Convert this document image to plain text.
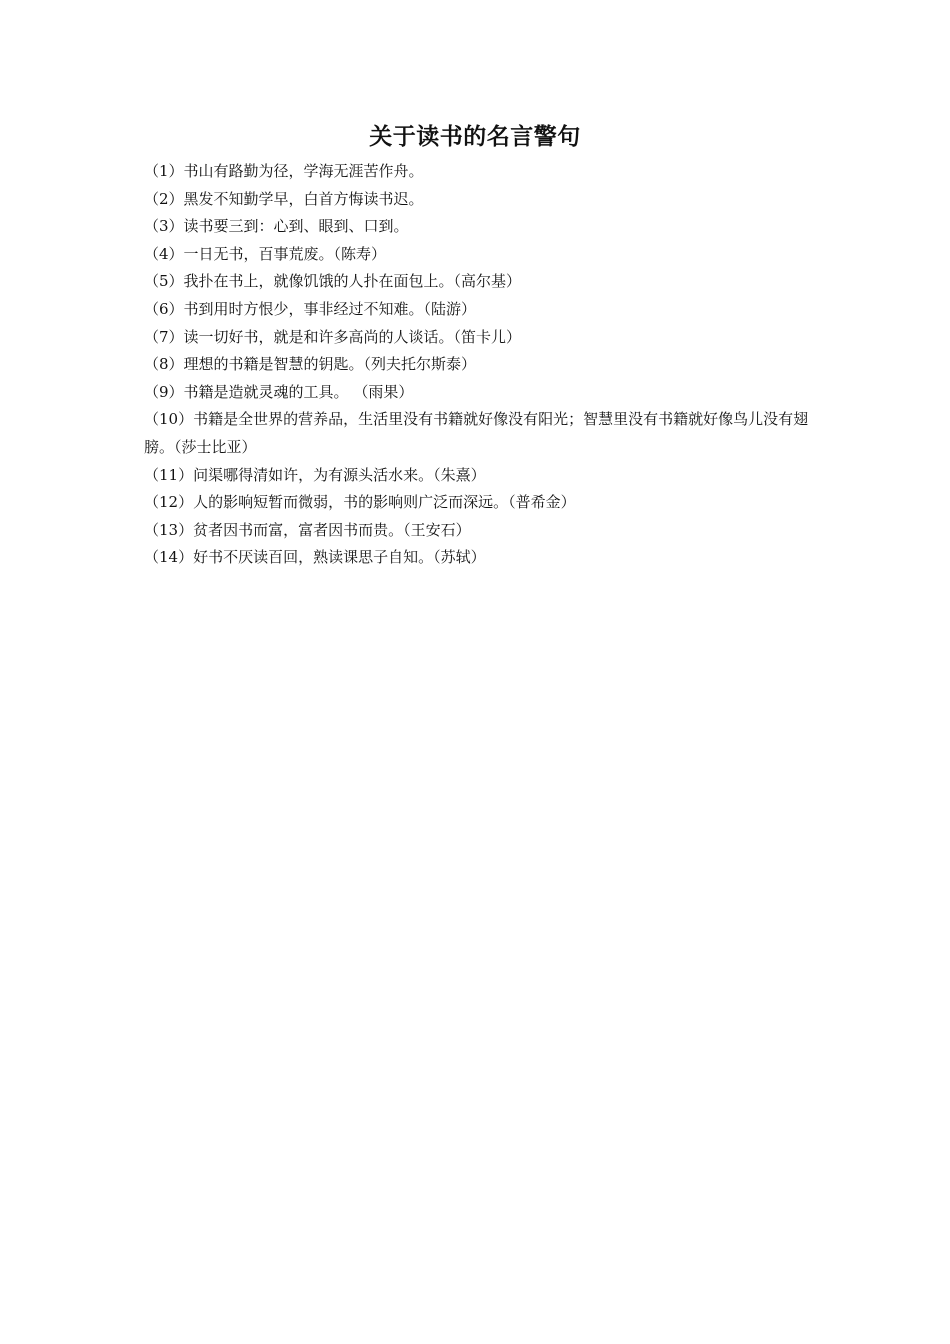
关于读书的名言警句
（1）书山有路勤为径，学海无涯苦作舟。
（2）黑发不知勤学早，白首方悔读书迟。
（3）读书要三到：心到、眼到、口到。
（4）一日无书，百事荒废。（陈寿）
（5）我扑在书上，就像饥饿的人扑在面包上。（高尔基）
（6）书到用时方恨少，事非经过不知难。（陆游）
（7）读一切好书，就是和许多高尚的人谈话。（笛卡儿）
（8）理想的书籍是智慧的钥匙。（列夫托尔斯泰）
（9）书籍是造就灵魂的工具。 （雨果）
（10）书籍是全世界的营养品，生活里没有书籍就好像没有阳光；智慧里没有书籍就好像鸟儿没有翅膀。（莎士比亚）
（11）问渠哪得清如许，为有源头活水来。（朱熹）
（12）人的影响短暂而微弱，书的影响则广泛而深远。（普希金）
（13）贫者因书而富，富者因书而贵。（王安石）
（14）好书不厌读百回，熟读课思子自知。（苏轼）
